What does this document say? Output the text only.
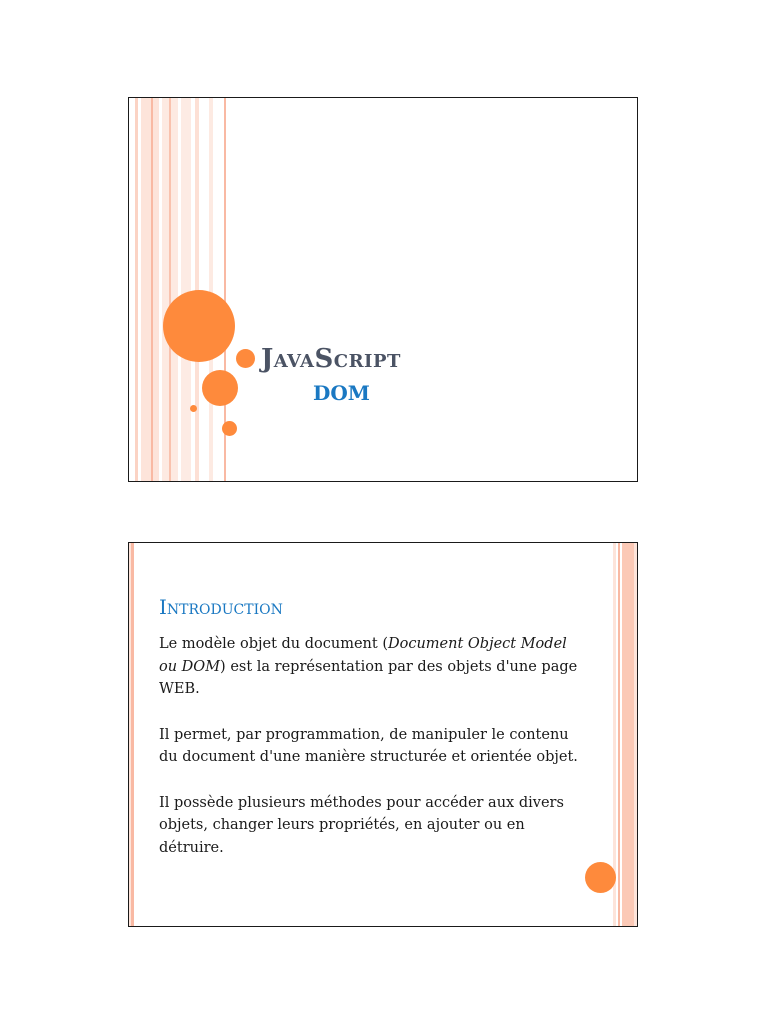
JavaScript
DOM
Introduction

Le modèle objet du document (Document Object Model ou DOM) est la représentation par des objets d'une page WEB.

Il permet, par programmation, de manipuler le contenu du document d'une manière structurée et orientée objet.

Il possède plusieurs méthodes pour accéder aux divers objets, changer leurs propriétés, en ajouter ou en détruire.
